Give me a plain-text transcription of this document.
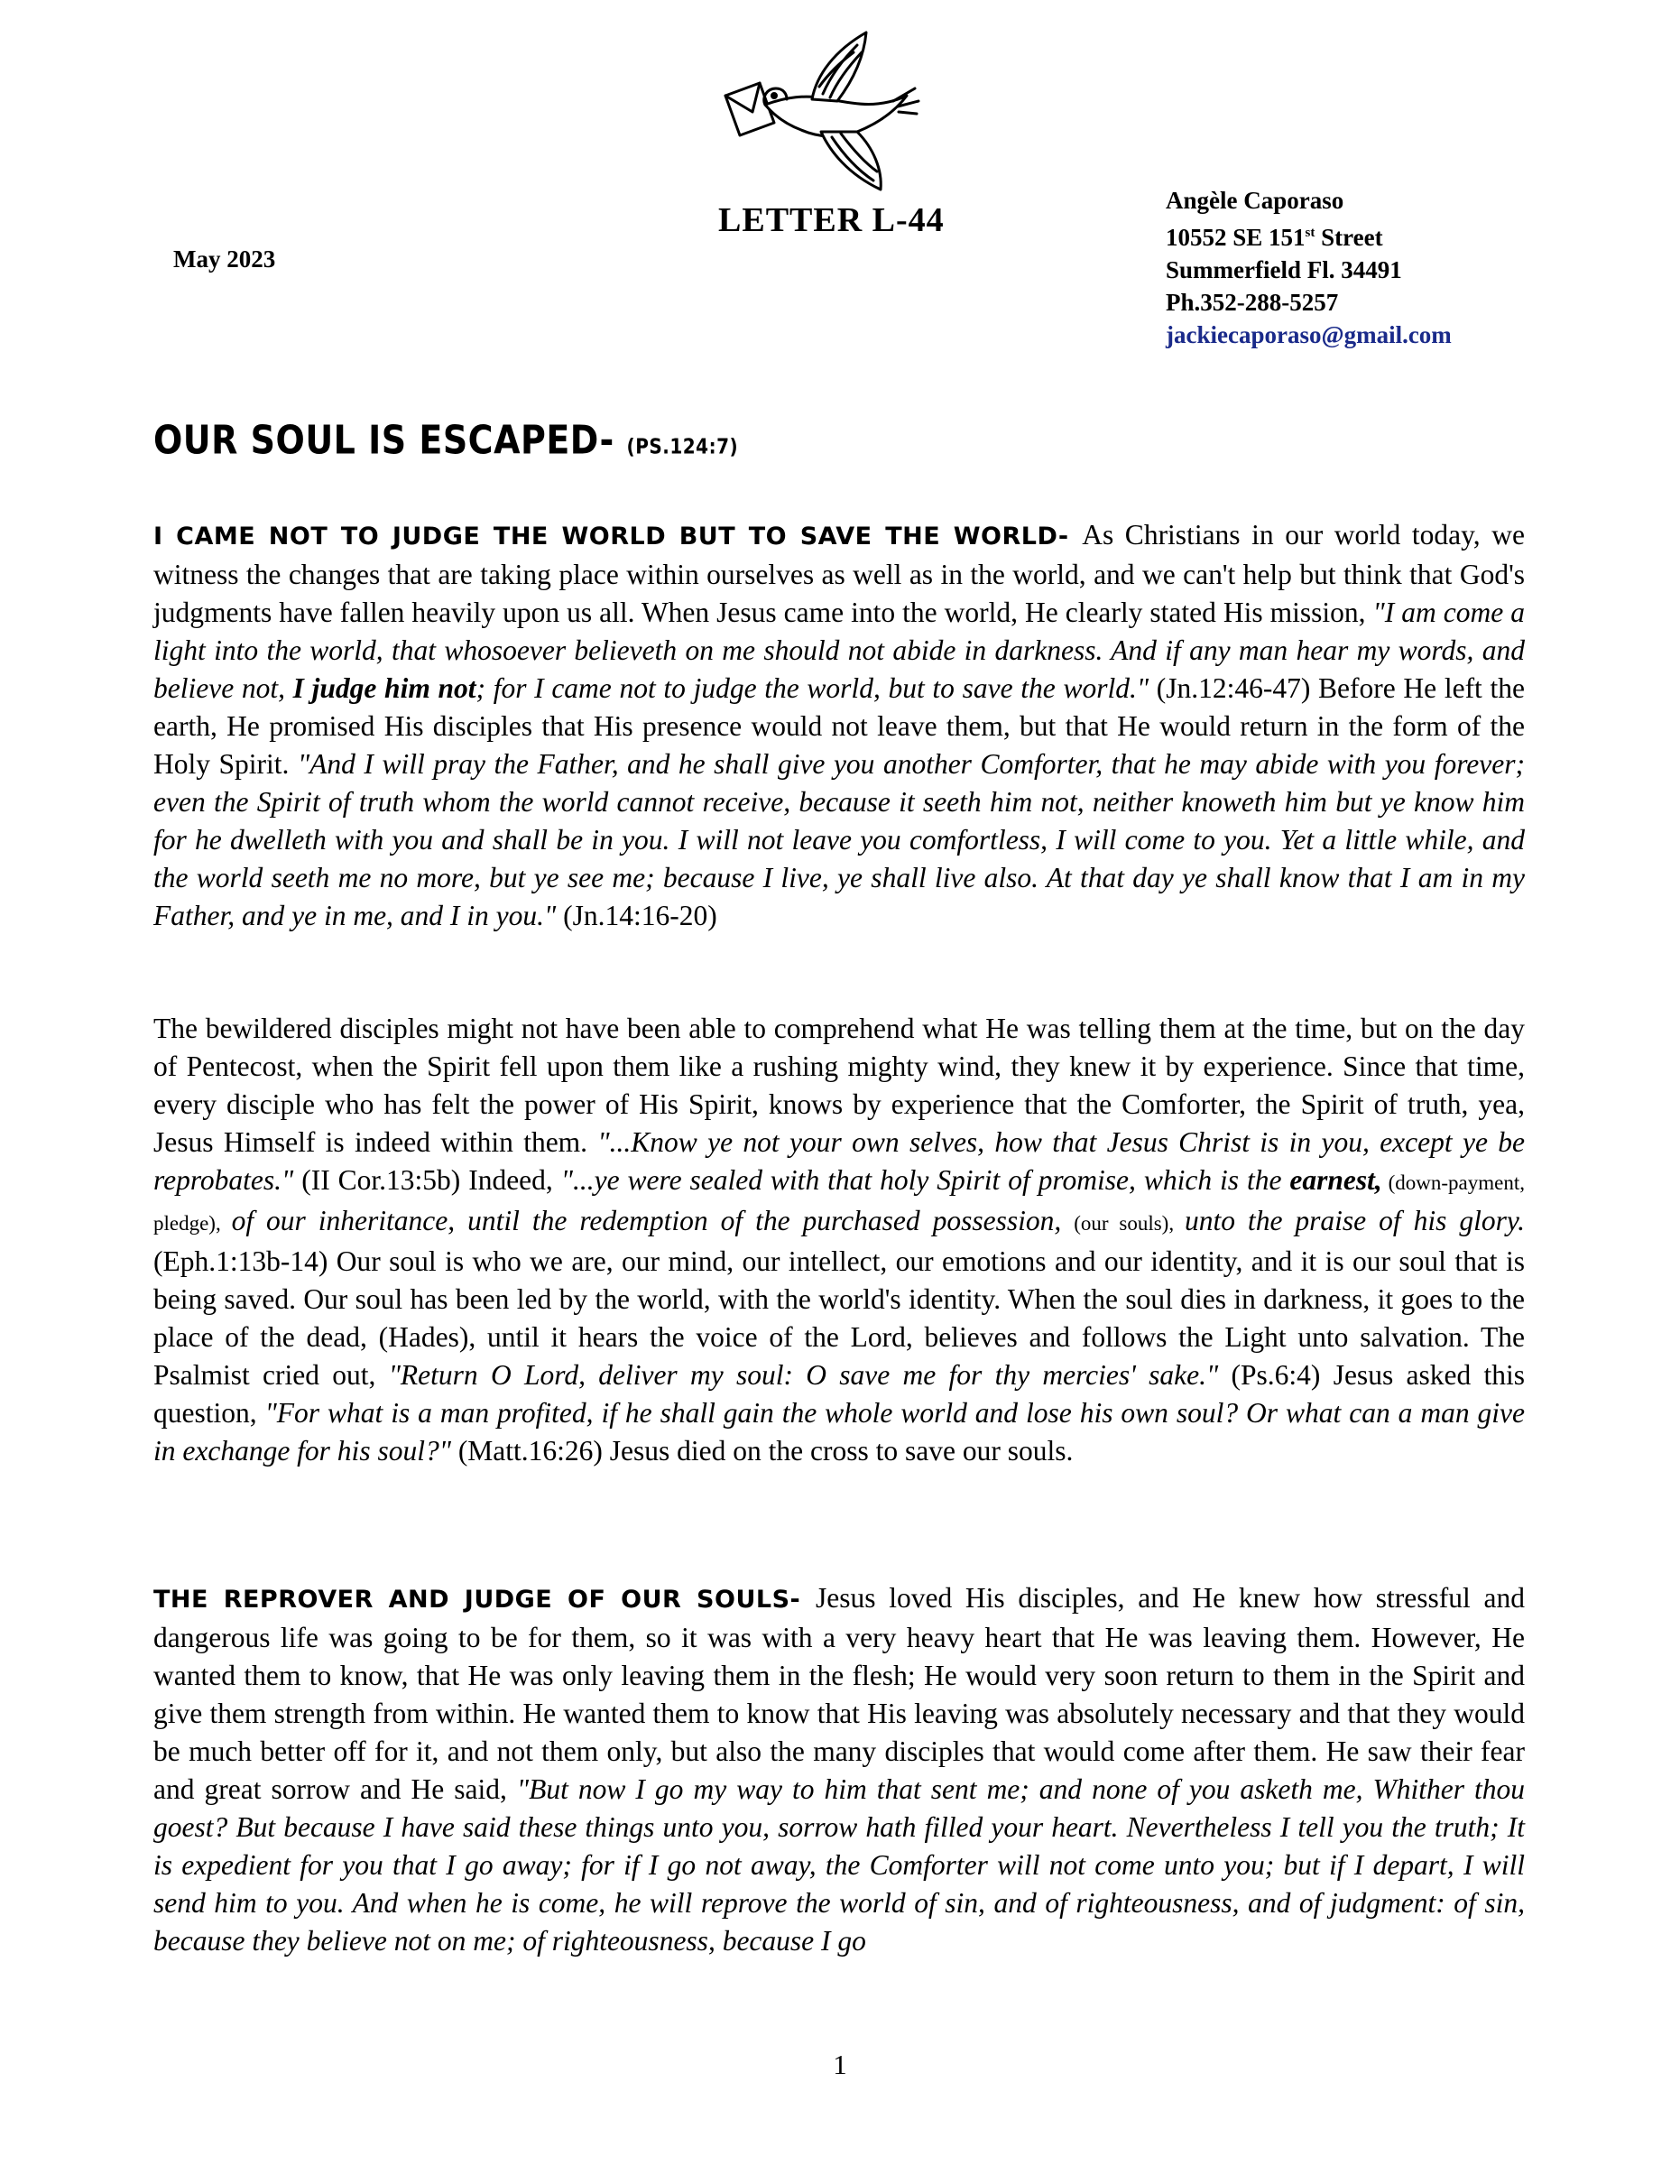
LETTER L-44
May 2023
Angèle Caporaso
10552 SE 151st Street
Summerfield Fl. 34491
Ph.352-288-5257
jackiecaporaso@gmail.com
OUR SOUL IS ESCAPED- (PS.124:7)
I CAME NOT TO JUDGE THE WORLD BUT TO SAVE THE WORLD- As Christians in our world today, we witness the changes that are taking place within ourselves as well as in the world, and we can't help but think that God's judgments have fallen heavily upon us all. When Jesus came into the world, He clearly stated His mission, "I am come a light into the world, that whosoever believeth on me should not abide in darkness. And if any man hear my words, and believe not, I judge him not; for I came not to judge the world, but to save the world." (Jn.12:46-47) Before He left the earth, He promised His disciples that His presence would not leave them, but that He would return in the form of the Holy Spirit. "And I will pray the Father, and he shall give you another Comforter, that he may abide with you forever; even the Spirit of truth whom the world cannot receive, because it seeth him not, neither knoweth him but ye know him for he dwelleth with you and shall be in you. I will not leave you comfortless, I will come to you. Yet a little while, and the world seeth me no more, but ye see me; because I live, ye shall live also. At that day ye shall know that I am in my Father, and ye in me, and I in you." (Jn.14:16-20)
The bewildered disciples might not have been able to comprehend what He was telling them at the time, but on the day of Pentecost, when the Spirit fell upon them like a rushing mighty wind, they knew it by experience. Since that time, every disciple who has felt the power of His Spirit, knows by experience that the Comforter, the Spirit of truth, yea, Jesus Himself is indeed within them. "...Know ye not your own selves, how that Jesus Christ is in you, except ye be reprobates." (II Cor.13:5b) Indeed, "...ye were sealed with that holy Spirit of promise, which is the earnest, (down-payment, pledge), of our inheritance, until the redemption of the purchased possession, (our souls), unto the praise of his glory. (Eph.1:13b-14) Our soul is who we are, our mind, our intellect, our emotions and our identity, and it is our soul that is being saved. Our soul has been led by the world, with the world's identity. When the soul dies in darkness, it goes to the place of the dead, (Hades), until it hears the voice of the Lord, believes and follows the Light unto salvation. The Psalmist cried out, "Return O Lord, deliver my soul: O save me for thy mercies' sake." (Ps.6:4) Jesus asked this question, "For what is a man profited, if he shall gain the whole world and lose his own soul? Or what can a man give in exchange for his soul?" (Matt.16:26) Jesus died on the cross to save our souls.
THE REPROVER AND JUDGE OF OUR SOULS- Jesus loved His disciples, and He knew how stressful and dangerous life was going to be for them, so it was with a very heavy heart that He was leaving them. However, He wanted them to know, that He was only leaving them in the flesh; He would very soon return to them in the Spirit and give them strength from within. He wanted them to know that His leaving was absolutely necessary and that they would be much better off for it, and not them only, but also the many disciples that would come after them. He saw their fear and great sorrow and He said, "But now I go my way to him that sent me; and none of you asketh me, Whither thou goest? But because I have said these things unto you, sorrow hath filled your heart. Nevertheless I tell you the truth; It is expedient for you that I go away; for if I go not away, the Comforter will not come unto you; but if I depart, I will send him to you. And when he is come, he will reprove the world of sin, and of righteousness, and of judgment: of sin, because they believe not on me; of righteousness, because I go
1
